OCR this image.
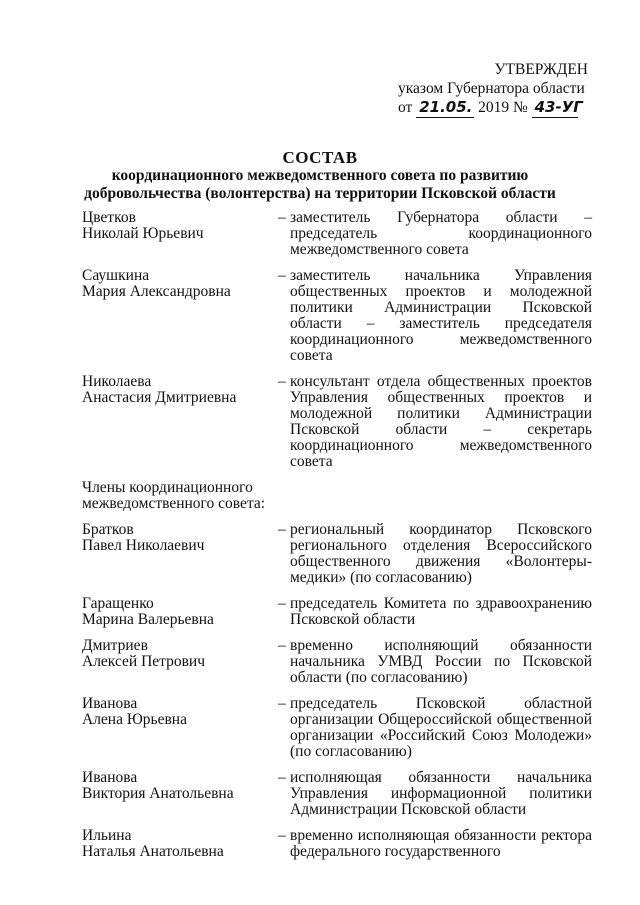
УТВЕРЖДЕН
указом Губернатора области
от 21.05. 2019 № 43-УГ
СОСТАВ
координационного межведомственного совета по развитию
добровольчества (волонтерства) на территории Псковской области
Цветков
Николай Юрьевич
– заместитель Губернатора области – председатель координационного межведомственного совета
Саушкина
Мария Александровна
– заместитель начальника Управления общественных проектов и молодежной политики Администрации Псковской области – заместитель председателя координационного межведомственного совета
Николаева
Анастасия Дмитриевна
– консультант отдела общественных проектов Управления общественных проектов и молодежной политики Администрации Псковской области – секретарь координационного межведомственного совета
Члены координационного межведомственного совета:
Братков
Павел Николаевич
– региональный координатор Псковского регионального отделения Всероссийского общественного движения «Волонтеры-медики» (по согласованию)
Гаращенко
Марина Валерьевна
– председатель Комитета по здравоохранению Псковской области
Дмитриев
Алексей Петрович
– временно исполняющий обязанности начальника УМВД России по Псковской области (по согласованию)
Иванова
Алена Юрьевна
– председатель Псковской областной организации Общероссийской общественной организации «Российский Союз Молодежи» (по согласованию)
Иванова
Виктория Анатольевна
– исполняющая обязанности начальника Управления информационной политики Администрации Псковской области
Ильина
Наталья Анатольевна
– временно исполняющая обязанности ректора федерального государственного
